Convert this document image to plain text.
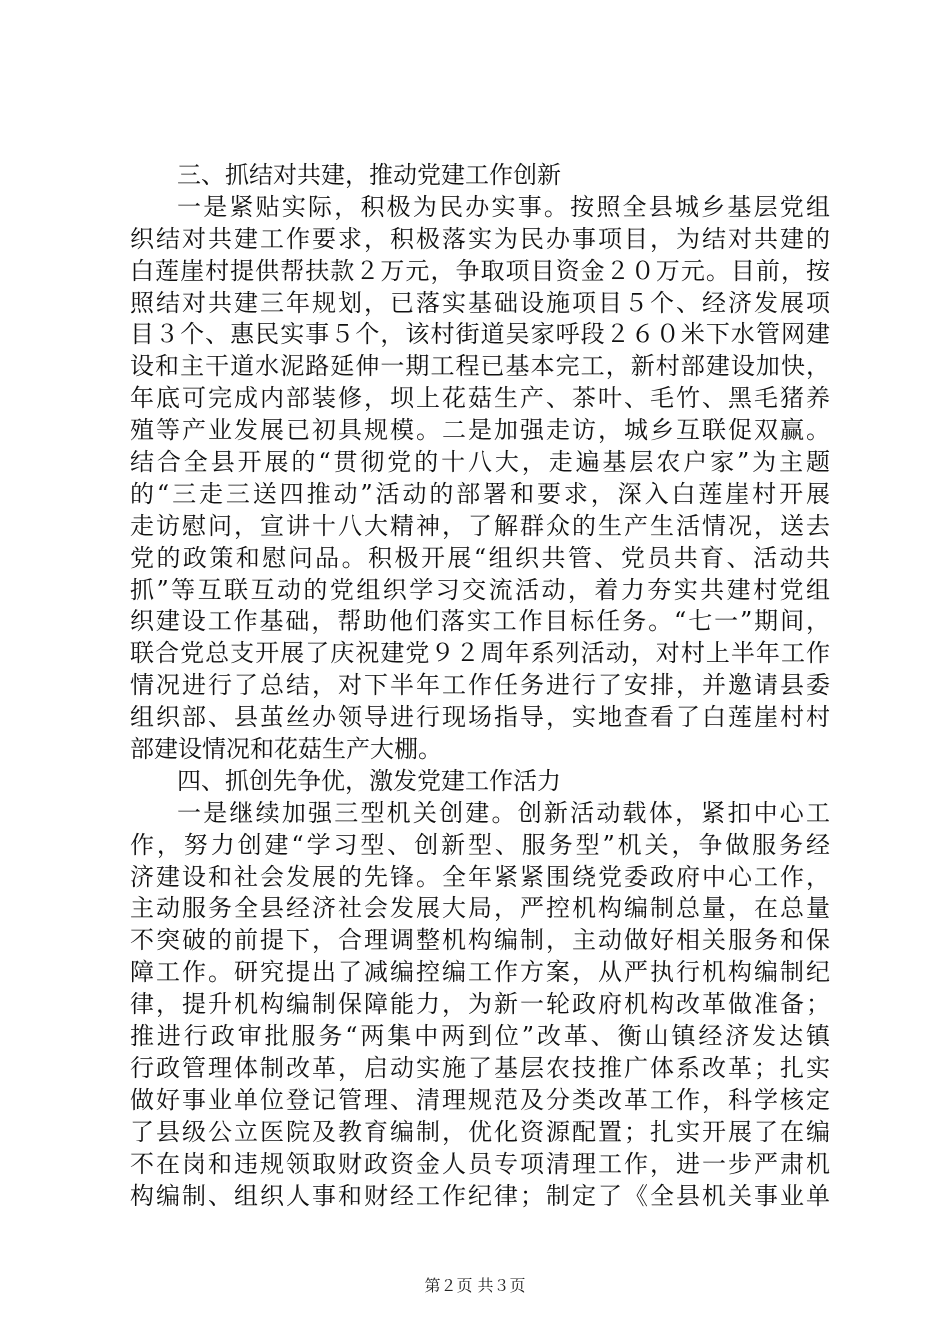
三、抓结对共建，推动党建工作创新
一是紧贴实际，积极为民办实事。按照全县城乡基层党组
织结对共建工作要求，积极落实为民办事项目，为结对共建的
白莲崖村提供帮扶款２万元，争取项目资金２０万元。目前，按
照结对共建三年规划，已落实基础设施项目５个、经济发展项
目３个、惠民实事５个，该村街道吴家呼段２６０米下水管网建
设和主干道水泥路延伸一期工程已基本完工，新村部建设加快，
年底可完成内部装修，坝上花菇生产、茶叶、毛竹、黑毛猪养
殖等产业发展已初具规模。二是加强走访，城乡互联促双赢。
结合全县开展的“贯彻党的十八大，走遍基层农户家”为主题
的“三走三送四推动”活动的部署和要求，深入白莲崖村开展
走访慰问，宣讲十八大精神，了解群众的生产生活情况，送去
党的政策和慰问品。积极开展“组织共管、党员共育、活动共
抓”等互联互动的党组织学习交流活动，着力夯实共建村党组
织建设工作基础，帮助他们落实工作目标任务。“七一”期间，
联合党总支开展了庆祝建党９２周年系列活动，对村上半年工作
情况进行了总结，对下半年工作任务进行了安排，并邀请县委
组织部、县茧丝办领导进行现场指导，实地查看了白莲崖村村
部建设情况和花菇生产大棚。
四、抓创先争优，激发党建工作活力
一是继续加强三型机关创建。创新活动载体，紧扣中心工
作，努力创建“学习型、创新型、服务型”机关，争做服务经
济建设和社会发展的先锋。全年紧紧围绕党委政府中心工作，
主动服务全县经济社会发展大局，严控机构编制总量，在总量
不突破的前提下，合理调整机构编制，主动做好相关服务和保
障工作。研究提出了减编控编工作方案，从严执行机构编制纪
律，提升机构编制保障能力，为新一轮政府机构改革做准备；
推进行政审批服务“两集中两到位”改革、衡山镇经济发达镇
行政管理体制改革，启动实施了基层农技推广体系改革；扎实
做好事业单位登记管理、清理规范及分类改革工作，科学核定
了县级公立医院及教育编制，优化资源配置；扎实开展了在编
不在岗和违规领取财政资金人员专项清理工作，进一步严肃机
构编制、组织人事和财经工作纪律；制定了《全县机关事业单
第２页 共３页
